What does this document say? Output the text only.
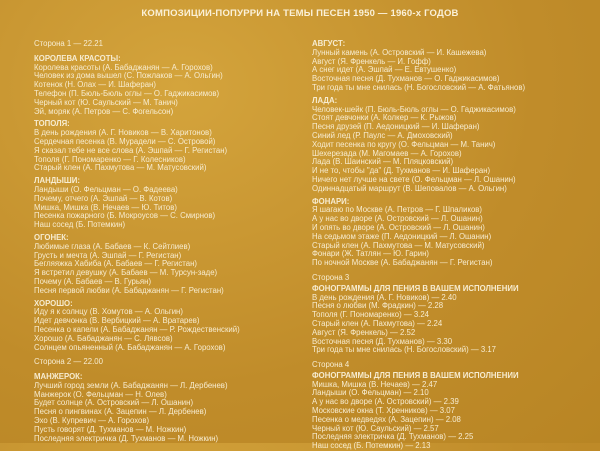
КОМПОЗИЦИИ-ПОПУРРИ НА ТЕМЫ ПЕСЕН 1950 — 1960-х ГОДОВ
Сторона 1 — 22.21
КОРОЛЕВА КРАСОТЫ:
Королева красоты (А. Бабаджанян — А. Горохов)
Человек из дома вышел (С. Пожлаков — А. Ольгин)
Котенок (Н. Олах — И. Шаферан)
Телефон (П. Бюль-Бюль оглы — О. Гаджикасимов)
Черный кот (Ю. Саульский — М. Танич)
Эй, моряк (А. Петров — С. Фогельсон)
ТОПОЛЯ:
В день рождения (А. Г. Новиков — В. Харитонов)
Сердечная песенка (В. Мурадели — С. Островой)
Я сказал тебе не все слова (А. Эшпай — Г. Регистан)
Тополя (Г. Пономаренко — Г. Колесников)
Старый клен (А. Пахмутова — М. Матусовский)
ЛАНДЫШИ:
Ландыши (О. Фельцман — О. Фадеева)
Почему, отчего (А. Эшпай — В. Котов)
Мишка, Мишка (В. Нечаев — Ю. Титов)
Песенка пожарного (Б. Мокроусов — С. Смирнов)
Наш сосед (Б. Потемкин)
ОГОНЕК:
Любимые глаза (А. Бабаев — К. Сейтлиев)
Грусть и мечта (А. Эшпай — Г. Регистан)
Бегляяжка Хабиба (А. Бабаев — Г. Регистан)
Я встретил девушку (А. Бабаев — М. Турсун-заде)
Почему (А. Бабаев — В. Гурьян)
Песня первой любви (А. Бабаджанян — Г. Регистан)
ХОРОШО:
Иду я к солнцу (В. Хомутов — А. Ольгин)
Идет девчонка (В. Вербицкий — А. Вратарев)
Песенка о капели (А. Бабаджанян — Р. Рождественский)
Хорошо (А. Бабаджанян — С. Лявсов)
Солнцем опьяненный (А. Бабаджанян — А. Горохов)
Сторона 2 — 22.00
МАНЖЕРОК:
Лучший город земли (А. Бабаджанян — Л. Дербенев)
Манжерок (О. Фельцман — Н. Олев)
Будет солнце (А. Островский — Л. Ошанин)
Песня о пингвинах (А. Зацепин — Л. Дербенев)
Эхо (В. Купревич — А. Горохов)
Пусть говорят (Д. Тухманов — М. Ножкин)
Последняя электричка (Д. Тухманов — М. Ножкин)
АВГУСТ:
Лунный камень (А. Островский — И. Кашежева)
Август (Я. Френкель — И. Гофф)
А снег идет (А. Эшпай — Е. Евтушенко)
Восточная песня (Д. Тухманов — О. Гаджикасимов)
Три года ты мне снилась (Н. Богословский — А. Фатьянов)
ЛАДА:
Человек-шейк (П. Бюль-Бюль оглы — О. Гаджикасимов)
Стоят девчонки (А. Колкер — К. Рыжов)
Песня друзей (П. Аедоницкий — И. Шаферан)
Синий лед (Р. Паулс — А. Дмоховский)
Ходит песенка по кругу (О. Фельцман — М. Танич)
Шехерезада (М. Магомаев — А. Горохов)
Лада (В. Шаинский — М. Пляцковский)
И не то, чтобы "да" (Д. Тухманов — И. Шаферан)
Ничего нет лучше на свете (О. Фельцман — Л. Ошанин)
Одиннадцатый маршрут (В. Шеповалов — А. Ольгин)
ФОНАРИ:
Я шагаю по Москве (А. Петров — Г. Шпаликов)
А у нас во дворе (А. Островский — Л. Ошанин)
И опять во дворе (А. Островский — Л. Ошанин)
На седьмом этаже (П. Аедоницкий — Л. Ошанин)
Старый клен (А. Пахмутова — М. Матусовский)
Фонари (Ж. Татлян — Ю. Гарин)
По ночной Москве (А. Бабаджанян — Г. Регистан)
Сторона 3
ФОНОГРАММЫ ДЛЯ ПЕНИЯ В ВАШЕМ ИСПОЛНЕНИИ
В день рождения (А. Г. Новиков) — 2.40
Песня о любви (М. Фрадкин) — 2.28
Тополя (Г. Пономаренко) — 3.24
Старый клен (А. Пахмутова) — 2.24
Август (Я. Френкель) — 2.52
Восточная песня (Д. Тухманов) — 3.30
Три года ты мне снилась (Н. Богословский) — 3.17
Сторона 4
ФОНОГРАММЫ ДЛЯ ПЕНИЯ В ВАШЕМ ИСПОЛНЕНИИ
Мишка, Мишка (В. Нечаев) — 2.47
Ландыши (О. Фельцман) — 2.10
А у нас во дворе (А. Островский) — 2.39
Московские окна (Т. Хренников) — 3.07
Песенка о медведях (А. Зацепин) — 2.08
Черный кот (Ю. Саульский) — 2.57
Последняя электричка (Д. Тухманов) — 2.25
Наш сосед (Б. Потемкин) — 2.13
